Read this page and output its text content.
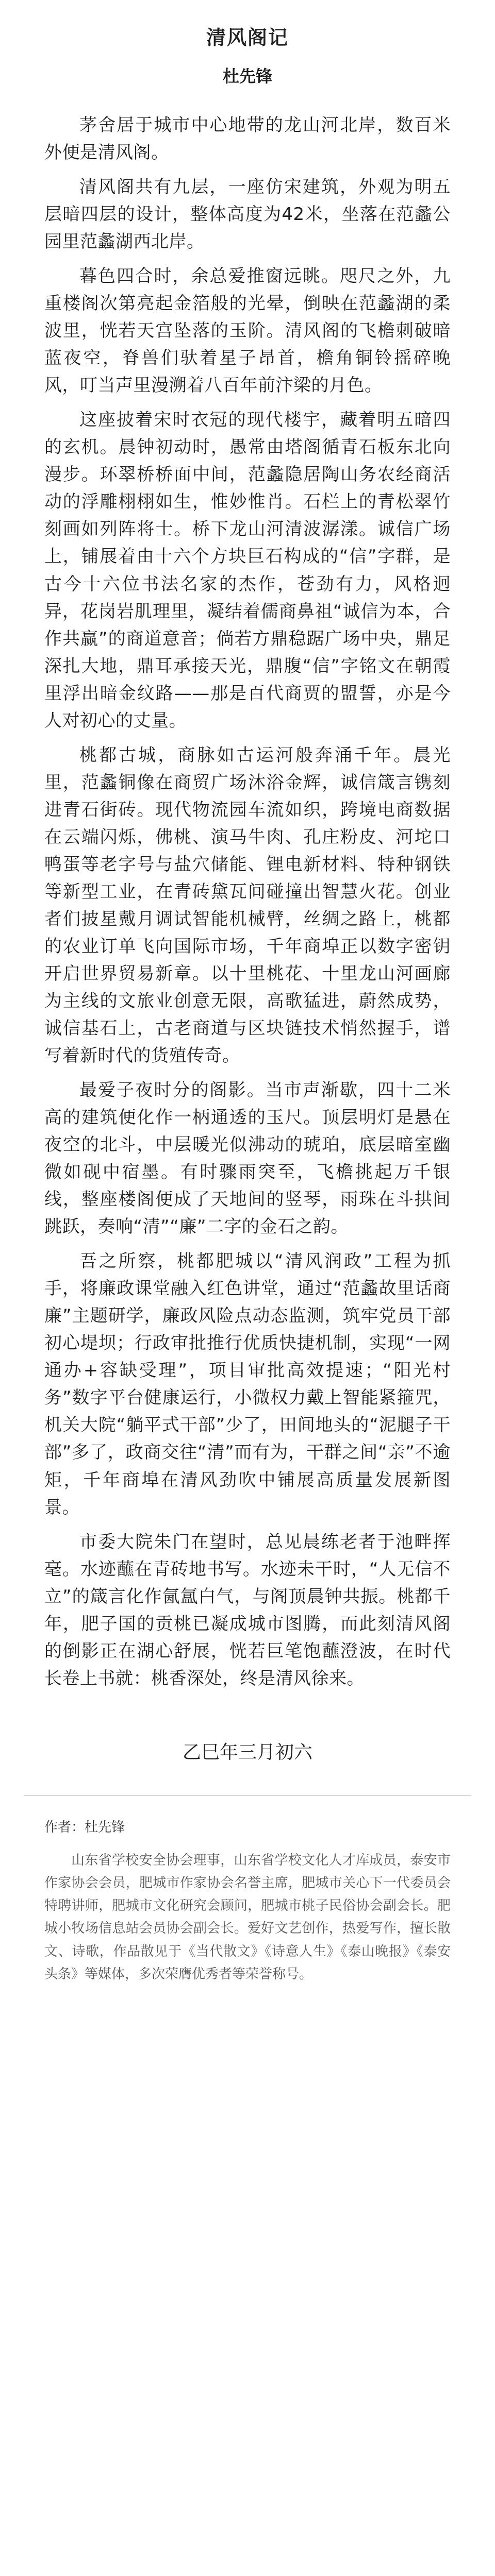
清风阁记
杜先锋

茅舍居于城市中心地带的龙山河北岸，数百米外便是清风阁。

清风阁共有九层，一座仿宋建筑，外观为明五层暗四层的设计，整体高度为42米，坐落在范蠡公园里范蠡湖西北岸。

暮色四合时，余总爱推窗远眺。咫尺之外，九重楼阁次第亮起金箔般的光晕，倒映在范蠡湖的柔波里，恍若天宫坠落的玉阶。清风阁的飞檐刺破暗蓝夜空，脊兽们驮着星子昂首，檐角铜铃摇碎晚风，叮当声里漫溯着八百年前汴梁的月色。

这座披着宋时衣冠的现代楼宇，藏着明五暗四的玄机。晨钟初动时，愚常由塔阁循青石板东北向漫步。环翠桥桥面中间，范蠡隐居陶山务农经商活动的浮雕栩栩如生，惟妙惟肖。石栏上的青松翠竹刻画如列阵将士。桥下龙山河清波潺漾。诚信广场上，铺展着由十六个方块巨石构成的“信”字群，是古今十六位书法名家的杰作，苍劲有力，风格迥异，花岗岩肌理里，凝结着儒商鼻祖“诚信为本，合作共赢”的商道意音；倘若方鼎稳踞广场中央，鼎足深扎大地，鼎耳承接天光，鼎腹“信”字铭文在朝霞里浮出暗金纹路——那是百代商贾的盟誓，亦是今人对初心的丈量。

桃都古城，商脉如古运河般奔涌千年。晨光里，范蠡铜像在商贸广场沐浴金辉，诚信箴言镌刻进青石街砖。现代物流园车流如织，跨境电商数据在云端闪烁，佛桃、演马牛肉、孔庄粉皮、河坨口鸭蛋等老字号与盐穴储能、锂电新材料、特种钢铁等新型工业，在青砖黛瓦间碰撞出智慧火花。创业者们披星戴月调试智能机械臂，丝绸之路上，桃都的农业订单飞向国际市场，千年商埠正以数字密钥开启世界贸易新章。以十里桃花、十里龙山河画廊为主线的文旅业创意无限，高歌猛进，蔚然成势，诚信基石上，古老商道与区块链技术悄然握手，谱写着新时代的货殖传奇。

最爱子夜时分的阁影。当市声渐歇，四十二米高的建筑便化作一柄通透的玉尺。顶层明灯是悬在夜空的北斗，中层暖光似沸动的琥珀，底层暗室幽微如砚中宿墨。有时骤雨突至，飞檐挑起万千银线，整座楼阁便成了天地间的竖琴，雨珠在斗拱间跳跃，奏响“清”“廉”二字的金石之韵。

吾之所察，桃都肥城以“清风润政”工程为抓手，将廉政课堂融入红色讲堂，通过“范蠡故里话商廉”主题研学，廉政风险点动态监测，筑牢党员干部初心堤坝；行政审批推行优质快捷机制，实现“一网通办+容缺受理”，项目审批高效提速；“阳光村务”数字平台健康运行，小微权力戴上智能紧箍咒，机关大院“躺平式干部”少了，田间地头的“泥腿子干部”多了，政商交往“清”而有为，干群之间“亲”不逾矩，千年商埠在清风劲吹中铺展高质量发展新图景。

市委大院朱门在望时，总见晨练老者于池畔挥毫。水迹蘸在青砖地书写。水迹未干时，“人无信不立”的箴言化作氤氲白气，与阁顶晨钟共振。桃都千年，肥子国的贡桃已凝成城市图腾，而此刻清风阁的倒影正在湖心舒展，恍若巨笔饱蘸澄波，在时代长卷上书就：桃香深处，终是清风徐来。

乙巳年三月初六
作者：杜先锋

山东省学校安全协会理事，山东省学校文化人才库成员，泰安市作家协会会员，肥城市作家协会名誉主席，肥城市关心下一代委员会特聘讲师，肥城市文化研究会顾问，肥城市桃子民俗协会副会长。肥城小牧场信息站会员协会副会长。爱好文艺创作，热爱写作，擅长散文、诗歌，作品散见于《当代散文》《诗意人生》《泰山晚报》《泰安头条》等媒体，多次荣膺优秀者等荣誉称号。
